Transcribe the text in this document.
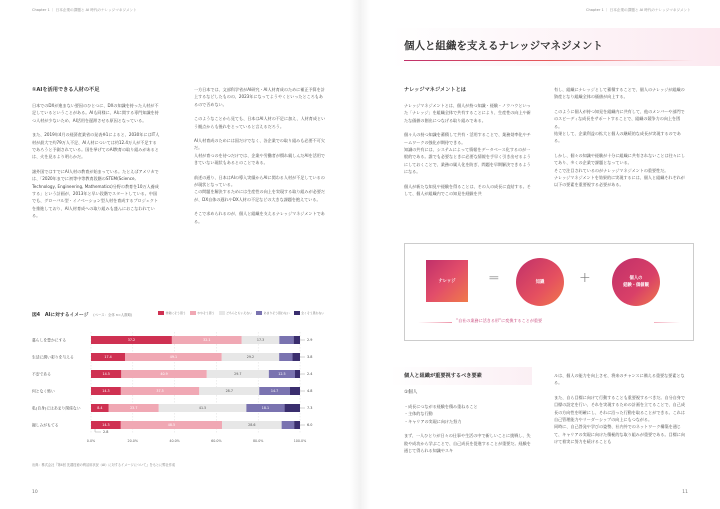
Chapter 1 ｜ 日本企業の課題と AI 時代のナレッジマネジメント
①AIを活用できる人材の不足
日本でのDXが進まない要因のひとつに、DXの知識を持った人材が不足しているということがある。AIも同様に、AIに関する専門知識を持つ人材が少ないため、AI活用を遅滞させる原因となっている。
また、2019年4月の経済産業省の発表※1によると、2030年にはIT人材が最大で約79万人不足、AI人材については約12.4万人が不足するであろうと予測されている。国を挙げてのAI教育の取り組みがあるとは、火を見るより明らかだ。
諸外国ではすでにAI人材の教育が始まっている。たとえばアメリカでは、「2020年までに初等中等教育段階のSTEM(Science, Technology, Engineering, Mathematics)分野の教育を10万人養成する」という計画が、2013年と早い段階でスタートしている。中国でも、グローバル型・イノベーション型人材を育成するプロジェクトを推進しており、AI人材育成への取り組みも盛んにおこなわれている。
一方日本では、文部科学省がAI研究・AI人材育成のために補正予算を計上するなどしたものの、2023年になってようやくといったところもあるので否めない。
このようなことから見ても、日本はAI人材の不足に加え、人材育成という観点からも後れをとっていると言えるだろう。
AI人材育成のためには国だけでなく、各企業での取り組みも必要不可欠だ。
人材が育つのを待つだけでは、企業や労働者が慣れ親しんだAIを活用できていない現状もあるとのことである。
前述の通り、日本はAIの導入実績からAIに関わる人材が不足しているのが現状となっている。
この問題を解決するためには生産性の向上を実現する取り組みが必要だが、DX自体の遅れやDX人材の不足などの大きな課題を抱えている。
そこで求められるのが、個人と組織を支えるナレッジマネジメントである。
図4 AIに対するイメージ (ベース：全体 n=人数略)	非常にそう思う	ややそう思う	どちらともいえない	あまりそう思わない	全くそう思わない
0.0%	20.0%	40.0%	60.0%	80.0%	100.0%
暮らしを豊かにする	37.2	32.1	17.3	2.9
生活に潤い彩りを与える	17.4	49.1	29.2	3.8
不安である	14.5	40.9	29.7	12.5	2.4
何となく怖い	14.3	37.5	28.7	14.7	4.8
私(自身)にはあまり関係ない	8.4	23.7	41.5	18.1	7.3
親しみがもてる	14.3	48.5	28.6	6.0
2.8
出典：株式会社『第4回 先端技術の利活用状況（AI）に対するイメージについて』をもとに弊社作成
10
Chapter 1 ｜ 日本企業の課題と AI 時代のナレッジマネジメント
11
個人と組織を支えるナレッジマネジメント
ナレッジマネジメントとは
ナレッジマネジメントとは、個人が持つ知識・経験・ノウハウといった「ナレッジ」を組織全体で共有することにより、生産性の向上や新たな価値の創出につなげる取り組みである。
個々人の持つ知識を蓄積して共有・活用することで、業務効率化やチームワークの強化が期待できる。
知識の共有には、システムによって情報をデータベース化するのが一般的である。誰でも必要なときに必要な情報を手早く引き出せるようにしておくことで、業務の属人化を防ぎ、問題を早期解決できるようになる。
個人が新たな知見や経験を得ることは、その人の成長に直結する。そして、個人が組織内でこの知見を経験を共
有し、組織にナレッジとして蓄積することで、個人のナレッジが組織の資産となり組織全体の価値が向上する。
このように個人が持つ知見を組織内に共有して、他のメンバーや部門でのスピーディな成長をサポートすることで、組織の競争力の向上を図る。
結果として、企業利益の拡大と個人の継続的な成長が実現するのである。
しかし、個々の知識や経験が十分に組織に共有されないことは往々にしてあり、多くの企業で課題となっている。
そこで注目されているのがナレッジマネジメントの重要性だ。
ナレッジマネジメントを効果的に実現するには、個人と組織それぞれが以下の要素を重要視する必要がある。
ナレッジ	=	知識	+	個人の
経験・価値観
”自社の業務に活きる形”に変換することが重要
個人と組織が重要視するべき要素
①個人
・成長につながる経験を積み重ねること
・主体的な行動
・キャリアの実現に向けた努力
まず、一人ひとりが日々の仕事や生活の中で新しいことに挑戦し、失敗や成功から学ぶことで、自己成長を促進することが重要だ。経験を通じて得られる知識やスキ
ルは、個人の能力を向上させ、将来のチャンスに備える重要な要素となる。
また、自ら目標に向けて行動することも重要視するべきだ。自分自身で目標の設定を行い、それを実現するための計画を立てることで、自己成長の方向性を明確にし、それに沿った行動を取ることができる。これは自己管理能力やリーダーシップの向上にもつながる。
同時に、自己啓発や学びの姿勢、社内外でのネットワーク構築を通じて、キャリアの実現に向けた積極的な取り組みが重要である。目標に向けて着実に努力を続けることも
